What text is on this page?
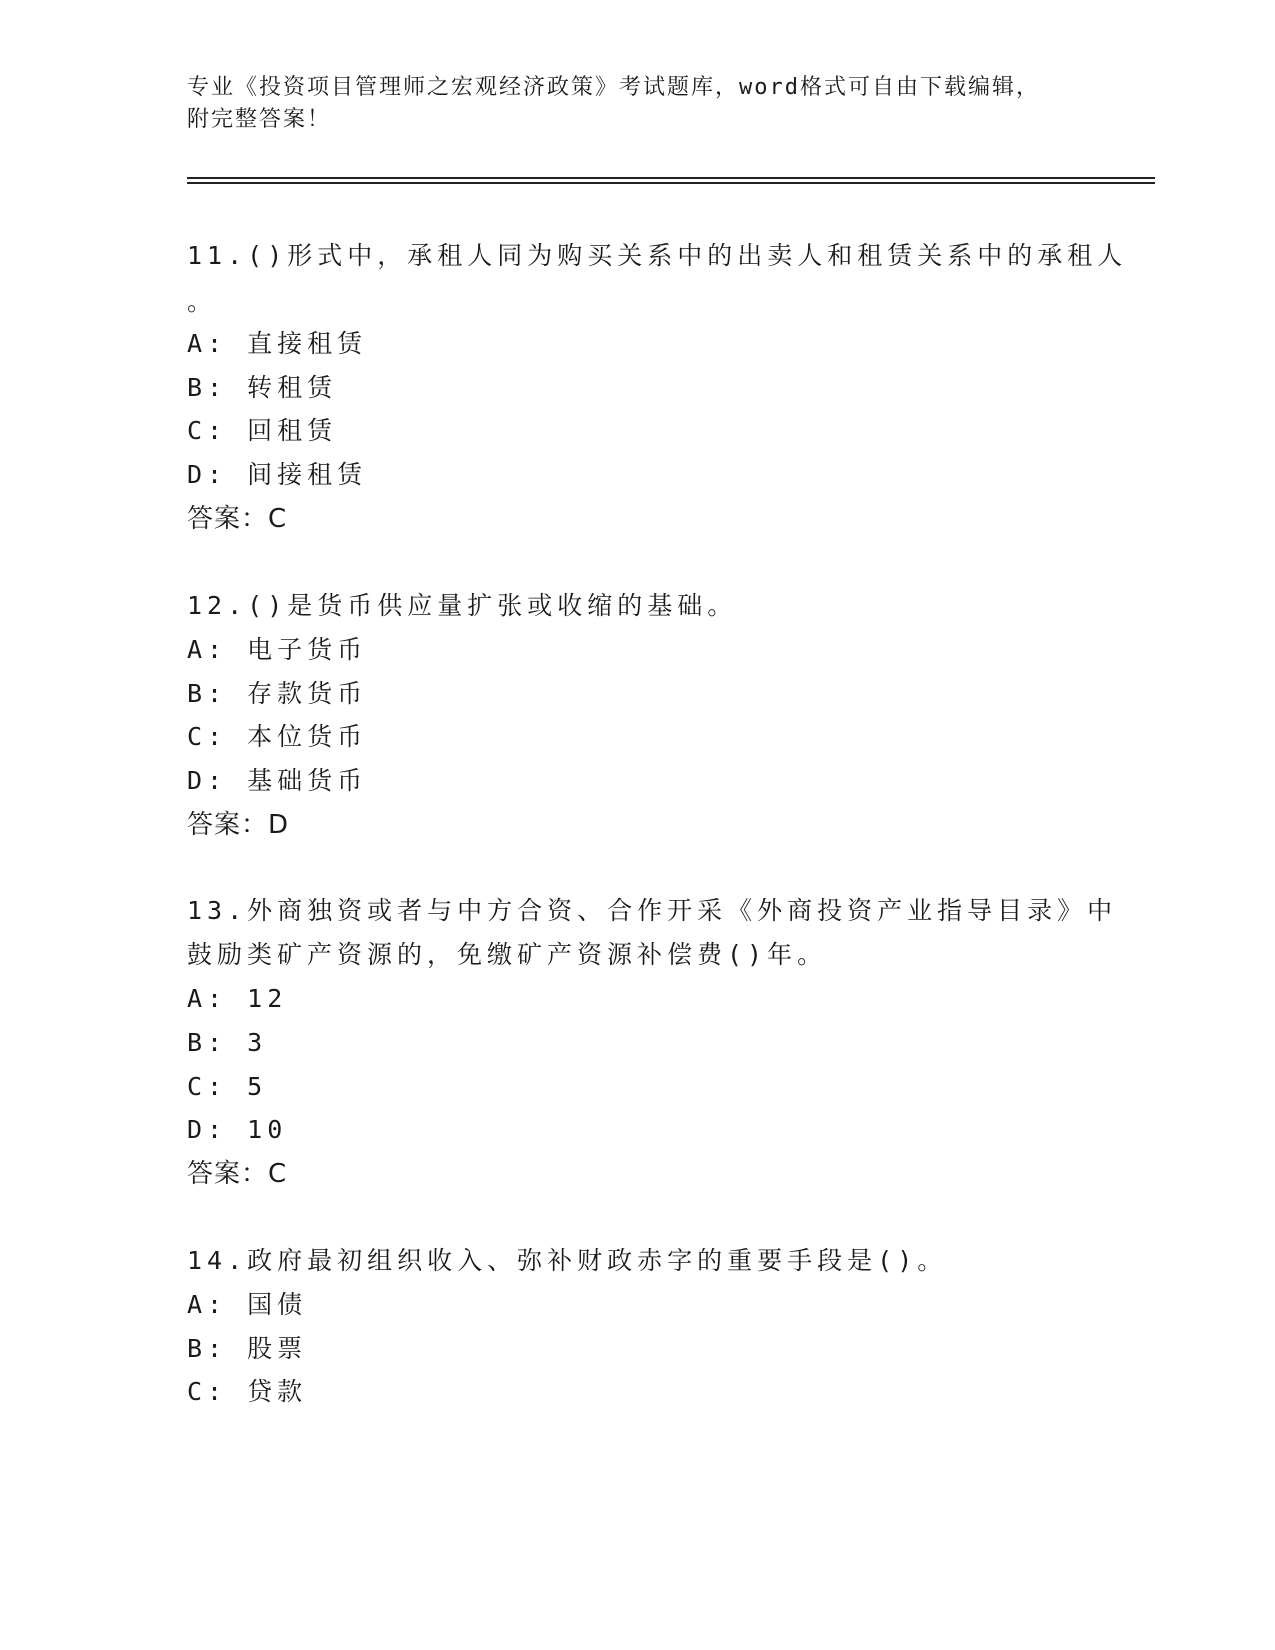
专业《投资项目管理师之宏观经济政策》考试题库，word格式可自由下载编辑，
附完整答案！
11.()形式中，承租人同为购买关系中的出卖人和租赁关系中的承租人
。
A: 直接租赁
B: 转租赁
C: 回租赁
D: 间接租赁
答案：C
12.()是货币供应量扩张或收缩的基础。
A: 电子货币
B: 存款货币
C: 本位货币
D: 基础货币
答案：D
13.外商独资或者与中方合资、合作开采《外商投资产业指导目录》中
鼓励类矿产资源的，免缴矿产资源补偿费()年。
A: 12
B: 3
C: 5
D: 10
答案：C
14.政府最初组织收入、弥补财政赤字的重要手段是()。
A: 国债
B: 股票
C: 贷款
